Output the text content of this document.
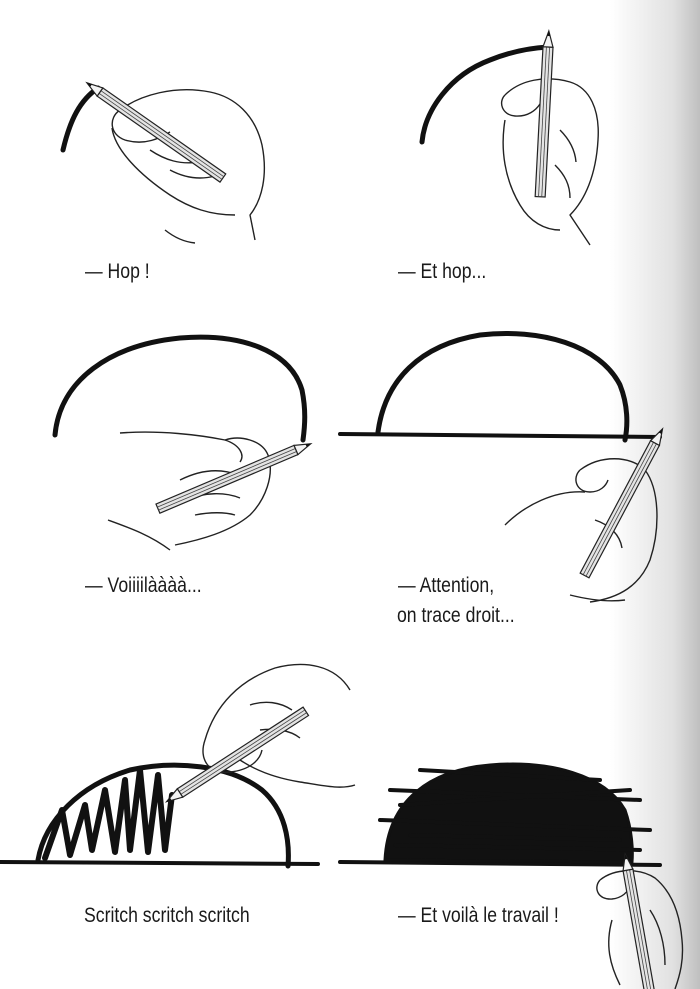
— Hop !	— Et hop...
— Voiiiilàààà...	— Attention,
on trace droit...
Scritch scritch scritch	— Et voilà le travail !
